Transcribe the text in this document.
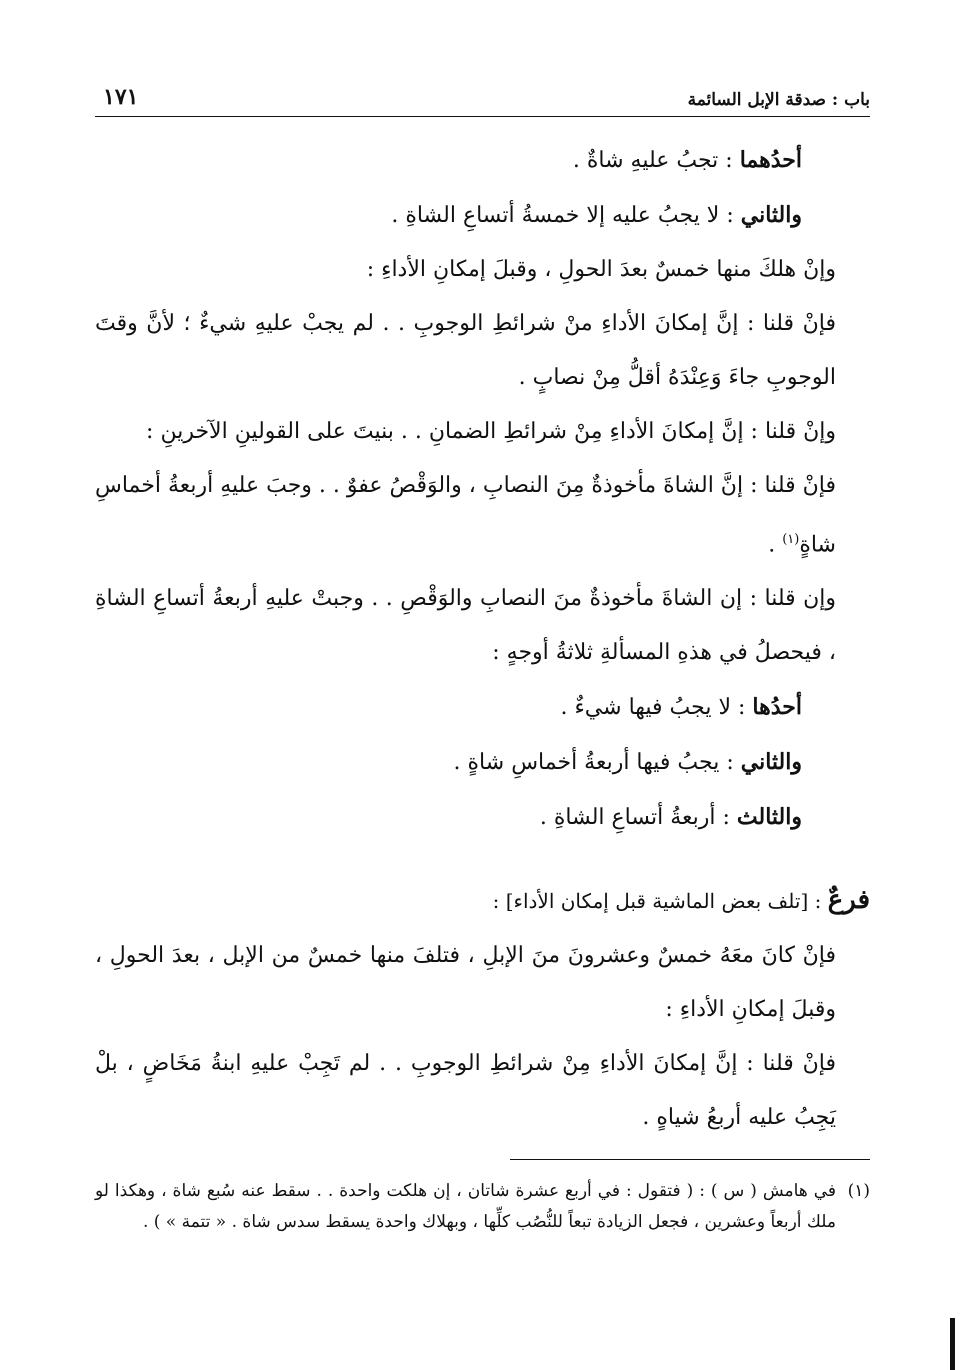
باب : صدقة الإبل السائمة
١٧١

أحدُهما : تجبُ عليهِ شاةٌ .

والثاني : لا يجبُ عليه إلا خمسةُ أتساعِ الشاةِ .

وإنْ هلكَ منها خمسٌ بعدَ الحولِ ، وقبلَ إمكانِ الأداءِ :

فإنْ قلنا : إنَّ إمكانَ الأداءِ منْ شرائطِ الوجوبِ . . لم يجبْ عليهِ شيءٌ ؛ لأنَّ وقتَ الوجوبِ جاءَ وَعِنْدَهُ أقلُّ مِنْ نصابٍ .

وإنْ قلنا : إنَّ إمكانَ الأداءِ مِنْ شرائطِ الضمانِ . . بنيتَ على القولينِ الآخرينِ :

فإنْ قلنا : إنَّ الشاةَ مأخوذةٌ مِنَ النصابِ ، والوَقْصُ عفوٌ . . وجبَ عليهِ أربعةُ أخماسِ شاةٍ$^{(١)}$ .

وإن قلنا : إن الشاةَ مأخوذةٌ منَ النصابِ والوَقْصِ . . وجبتْ عليهِ أربعةُ أتساعِ الشاةِ ، فيحصلُ في هذهِ المسألةِ ثلاثةُ أوجهٍ :

أحدُها : لا يجبُ فيها شيءٌ .

والثاني : يجبُ فيها أربعةُ أخماسِ شاةٍ .

والثالث : أربعةُ أتساعِ الشاةِ .

فرعٌ : [تلف بعض الماشية قبل إمكان الأداء] :

فإنْ كانَ معَهُ خمسٌ وعشرونَ منَ الإبلِ ، فتلفَ منها خمسٌ من الإبل ، بعدَ الحولِ ، وقبلَ إمكانِ الأداءِ :

فإنْ قلنا : إنَّ إمكانَ الأداءِ مِنْ شرائطِ الوجوبِ . . لم تَجِبْ عليهِ ابنةُ مَخَاضٍ ، بلْ يَجِبُ عليه أربعُ شياهٍ .

(١)
في هامش ( س ) : ( فتقول : في أربع عشرة شاتان ، إن هلكت واحدة . . سقط عنه سُبع شاة ، وهكذا لو ملك أربعاً وعشرين ، فجعل الزيادة تبعاً للنُّصُب كلِّها ، وبهلاك واحدة يسقط سدس شاة . « تتمة » ) .
